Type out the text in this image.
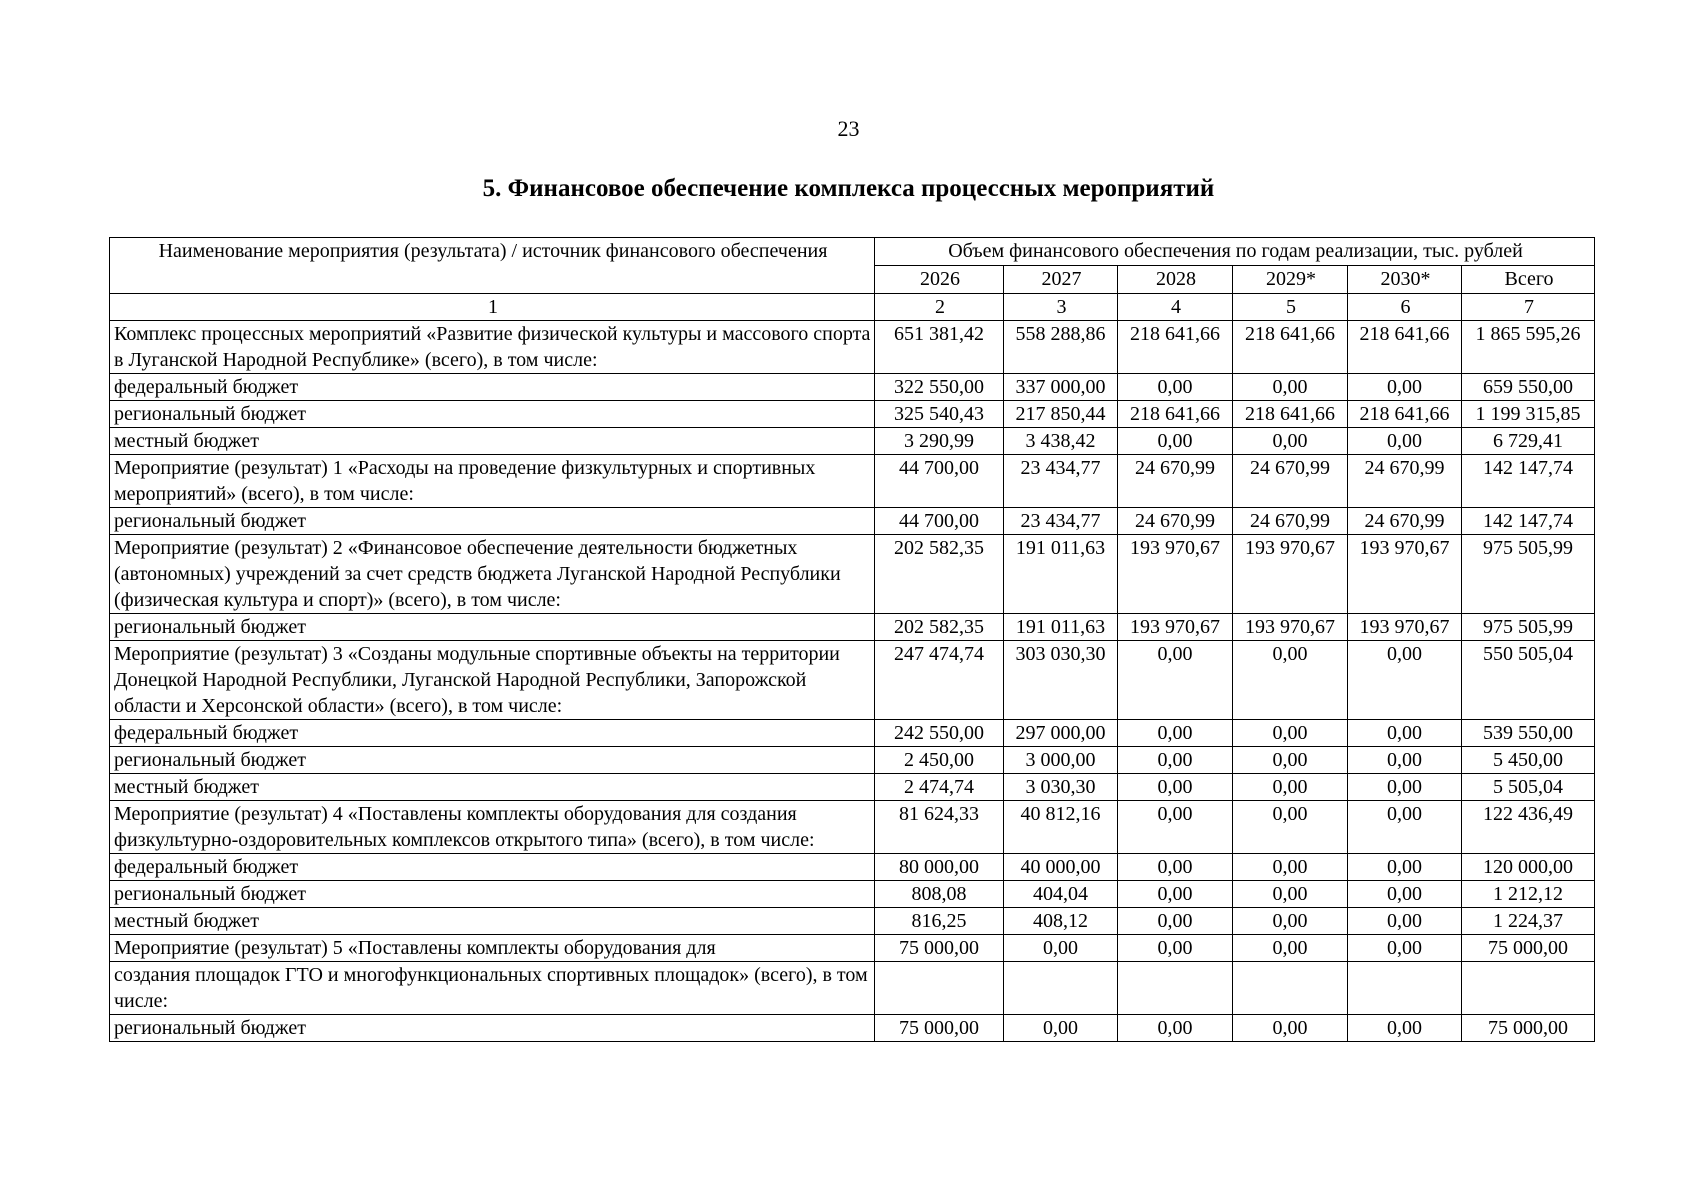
23
5. Финансовое обеспечение комплекса процессных мероприятий
Наименование мероприятия (результата) / источник финансового обеспечения	Объем финансового обеспечения по годам реализации, тыс. рублей					
	2026	2027	2028	2029*	2030*	Всего
1	2	3	4	5	6	7
Комплекс процессных мероприятий «Развитие физической культуры и массового спорта в Луганской Народной Республике» (всего), в том числе:	651 381,42	558 288,86	218 641,66	218 641,66	218 641,66	1 865 595,26
федеральный бюджет	322 550,00	337 000,00	0,00	0,00	0,00	659 550,00
региональный бюджет	325 540,43	217 850,44	218 641,66	218 641,66	218 641,66	1 199 315,85
местный бюджет	3 290,99	3 438,42	0,00	0,00	0,00	6 729,41
Мероприятие (результат) 1 «Расходы на проведение физкультурных и спортивных мероприятий» (всего), в том числе:	44 700,00	23 434,77	24 670,99	24 670,99	24 670,99	142 147,74
региональный бюджет	44 700,00	23 434,77	24 670,99	24 670,99	24 670,99	142 147,74
Мероприятие (результат) 2 «Финансовое обеспечение деятельности бюджетных (автономных) учреждений за счет средств бюджета Луганской Народной Республики (физическая культура и спорт)» (всего), в том числе:	202 582,35	191 011,63	193 970,67	193 970,67	193 970,67	975 505,99
региональный бюджет	202 582,35	191 011,63	193 970,67	193 970,67	193 970,67	975 505,99
Мероприятие (результат) 3 «Созданы модульные спортивные объекты на территории Донецкой Народной Республики, Луганской Народной Республики, Запорожской области и Херсонской области» (всего), в том числе:	247 474,74	303 030,30	0,00	0,00	0,00	550 505,04
федеральный бюджет	242 550,00	297 000,00	0,00	0,00	0,00	539 550,00
региональный бюджет	2 450,00	3 000,00	0,00	0,00	0,00	5 450,00
местный бюджет	2 474,74	3 030,30	0,00	0,00	0,00	5 505,04
Мероприятие (результат) 4 «Поставлены комплекты оборудования для создания физкультурно-оздоровительных комплексов открытого типа» (всего), в том числе:	81 624,33	40 812,16	0,00	0,00	0,00	122 436,49
федеральный бюджет	80 000,00	40 000,00	0,00	0,00	0,00	120 000,00
региональный бюджет	808,08	404,04	0,00	0,00	0,00	1 212,12
местный бюджет	816,25	408,12	0,00	0,00	0,00	1 224,37
Мероприятие (результат) 5 «Поставлены комплекты оборудования для	75 000,00	0,00	0,00	0,00	0,00	75 000,00
создания площадок ГТО и многофункциональных спортивных площадок» (всего), в том числе:						
региональный бюджет	75 000,00	0,00	0,00	0,00	0,00	75 000,00
